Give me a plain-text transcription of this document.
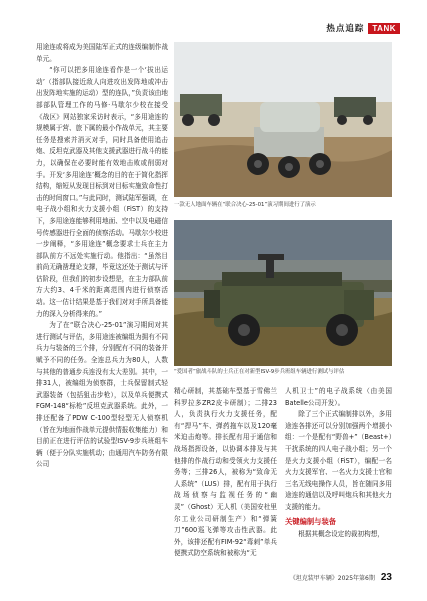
热点追踪	TANK

用途连或将成为美国陆军正式的连级编制作战单元。

“你可以把多用途连看作是一个‘拔出运动’（指部队接近敌人向进攻出发阵地或冲击出发阵地实施的运动）型的连队，”负责该由地部部队管理工作的马修·马歇尔少校在接受《战区》网站独家采访时表示，“多用途连的规模属于营、旅下属的最小作战单元，其主要任务是搜索并消灭对手，同时具备使用追击炮、反坦克武器及其他支援武器进行战斗的能力，以确保在必要时能有效地击败或削弱对手。开发‘多用途连’概念的目的在于简化指挥结构，缩短从发现目标到对目标实施致命性打击的时间窗口。”与此同时，测试陆军强调，在电子战小组和火力支援小组（FiST）的支持下，多用途连能够利用地面、空中以及电磁信号传感器进行全面的侦察活动。马歇尔少校进一步阐释，“多用途连”概念要求士兵在主力部队前方不远处实施行动。他指出：“虽然目前尚无确凿理论支撑，毕竟这还处于测试与评估阶段，但我们的初步设想是，在主力部队前方大约3、4千米的距离范围内进行侦察活动。这一估计结果是基于我们对对手所具备能力的深入分析得来的。”

为了在“联合决心-25-01”演习期间对其进行测试与评估，多用途连被编组为拥有不同兵力与装备的三个排，分别配有不同的装备并赋予不同的任务。全连总兵力为80人，人数与其他的普通步兵连没有太大差别。其中，一排31人，被编组为侦察群，士兵保留制式轻武器装备（包括狙击步枪），以及单兵便携式FGM-148“标枪”反坦克武器系统。此外，一排还配备了PDW C-100型轻型无人侦察机（旨在为地面作战单元提供情报收集能力）和目前正在进行评估的试验型ISV-9步兵班组车辆（便于分队实施机动；由通用汽车防务有限公司

一款无人地面车辆在“联合决心-25-01”演习期间进行了演示
“爱国者”旅战斗队的士兵正在对新型ISV-9步兵班组车辆进行测试与评估

精心研制，其基础车型基于雪佛兰科罗拉多ZR2皮卡研制）；二排23人，负责执行火力支援任务，配有“捍马”车、弹药拖车以及120毫米迫击炮等。排长配有用于通信和战场指挥设备，以协调本排及与其他排的作战行动和受领火力支援任务等；三排26人，被称为“致命无人系统”（LUS）排，配有用于执行战场侦察与监视任务的“幽灵”（Ghost）无人机（美国安杜里尔工业公司研制生产）和“弹簧刀”600巡飞弹等攻击性武器。此外，该排还配有FIM-92“毒刺”单兵便携式防空系统和被称为“无

人机卫士”的电子战系统（由美国Batelle公司开发）。

除了三个正式编制排以外，多用途连各排还可以分别加强两个增援小组：一个是配有“野兽+”（Beast+）干扰系统的四人电子战小组；另一个是火力支援小组（FiST），编配一名火力支援军官、一名火力支援士官和三名无线电操作人员，旨在随同多用途连的通信以及呼叫炮兵和其他火力支援的能力。

关键编制与装备

根据其概念设定的裁初构想，

《坦克装甲车辆》2025年第6期 23
